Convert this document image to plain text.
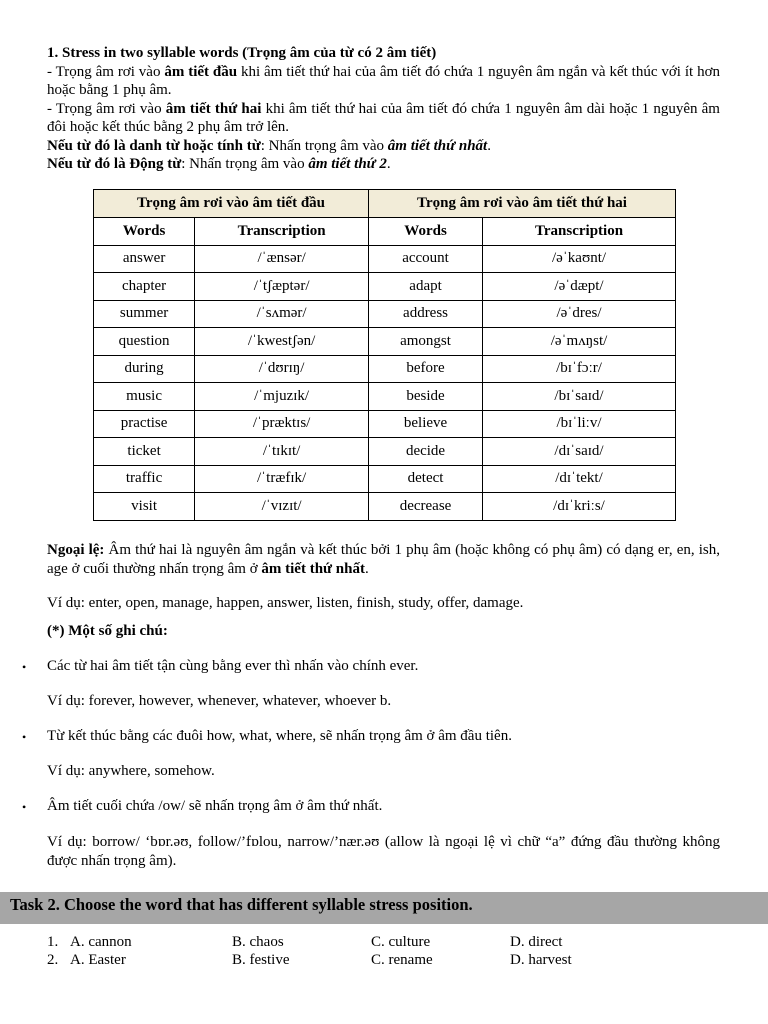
1. Stress in two syllable words (Trọng âm của từ có 2 âm tiết)

- Trọng âm rơi vào âm tiết đầu khi âm tiết thứ hai của âm tiết đó chứa 1 nguyên âm ngắn và kết thúc với ít hơn hoặc bằng 1 phụ âm.

- Trọng âm rơi vào âm tiết thứ hai khi âm tiết thứ hai của âm tiết đó chứa 1 nguyên âm dài hoặc 1 nguyên âm đôi hoặc kết thúc bằng 2 phụ âm trở lên.

Nếu từ đó là danh từ hoặc tính từ: Nhấn trọng âm vào âm tiết thứ nhất.

Nếu từ đó là Động từ: Nhấn trọng âm vào âm tiết thứ 2.

Trọng âm rơi vào âm tiết đầu		Trọng âm rơi vào âm tiết thứ hai	
Words	Transcription	Words	Transcription
answer	/ˈænsər/	account	/əˈkaʊnt/
chapter	/ˈtʃæptər/	adapt	/əˈdæpt/
summer	/ˈsʌmər/	address	/əˈdres/
question	/ˈkwestʃən/	amongst	/əˈmʌŋst/
during	/ˈdʊrɪŋ/	before	/bɪˈfɔːr/
music	/ˈmjuzɪk/	beside	/bɪˈsaɪd/
practise	/ˈpræktɪs/	believe	/bɪˈliːv/
ticket	/ˈtɪkɪt/	decide	/dɪˈsaɪd/
traffic	/ˈtræfɪk/	detect	/dɪˈtekt/
visit	/ˈvɪzɪt/	decrease	/dɪˈkriːs/

Ngoại lệ: Âm thứ hai là nguyên âm ngắn và kết thúc bởi 1 phụ âm (hoặc không có phụ âm) có dạng er, en, ish, age ở cuối thường nhấn trọng âm ở âm tiết thứ nhất.

Ví dụ: enter, open, manage, happen, answer, listen, finish, study, offer, damage.

(*) Một số ghi chú:

• Các từ hai âm tiết tận cùng bằng ever thì nhấn vào chính ever.

Ví dụ: forever, however, whenever, whatever, whoever b.

• Từ kết thúc bằng các đuôi how, what, where, sẽ nhấn trọng âm ở âm đầu tiên.

Ví dụ: anywhere, somehow.

• Âm tiết cuối chứa /ow/ sẽ nhấn trọng âm ở âm thứ nhất.

Ví dụ: borrow/ ‘bɒr.əʊ, follow/’fɒlou, narrow/’nær.əʊ (allow là ngoại lệ vì chữ “a” đứng đầu thường không được nhấn trọng âm).

Task 2. Choose the word that has different syllable stress position.
1. A. cannon	B. chaos	C. culture	D. direct
2. A. Easter	B. festive	C. rename	D. harvest
